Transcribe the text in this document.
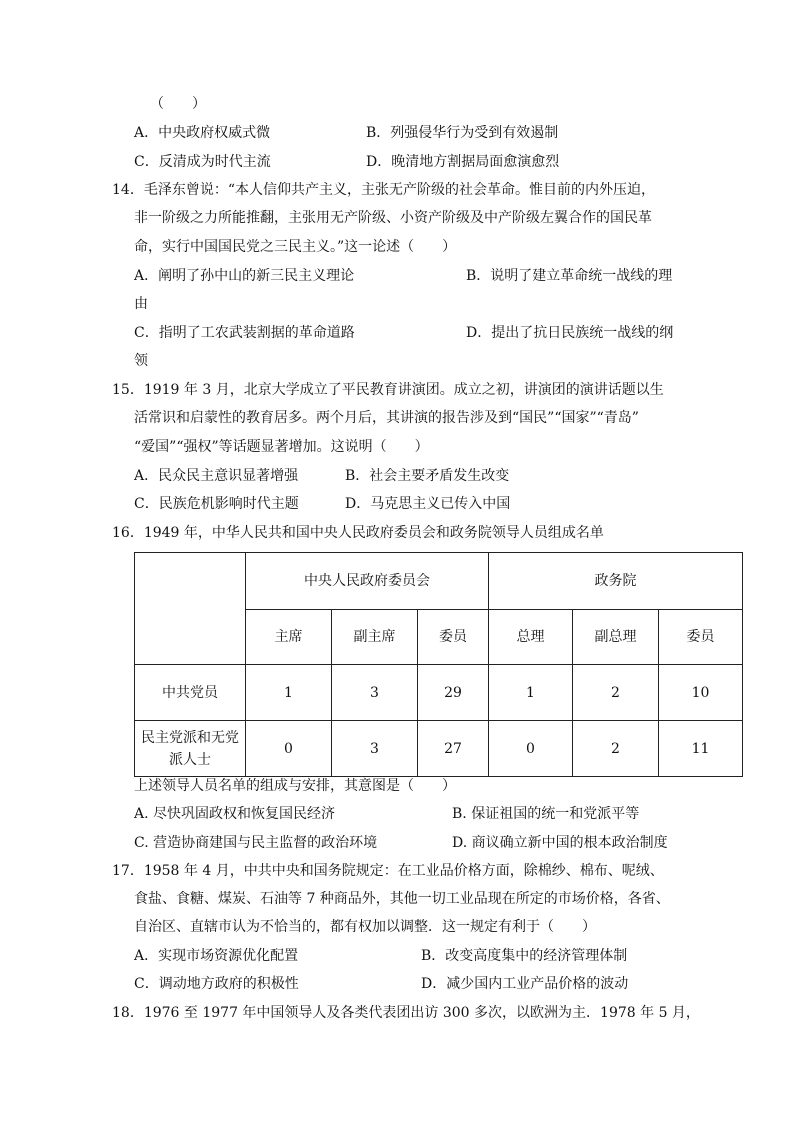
（　　）
A．中央政府权威式微	B．列强侵华行为受到有效遏制
C．反清成为时代主流	D．晚清地方割据局面愈演愈烈
14．毛泽东曾说：“本人信仰共产主义，主张无产阶级的社会革命。惟目前的内外压迫，
非一阶级之力所能推翻，主张用无产阶级、小资产阶级及中产阶级左翼合作的国民革
命，实行中国国民党之三民主义。”这一论述（　　）
A．阐明了孙中山的新三民主义理论	B．说明了建立革命统一战线的理
由
C．指明了工农武装割据的革命道路	D．提出了抗日民族统一战线的纲
领
15．1919 年 3 月，北京大学成立了平民教育讲演团。成立之初，讲演团的演讲话题以生
活常识和启蒙性的教育居多。两个月后，其讲演的报告涉及到“国民”“国家”“青岛”
“爱国”“强权”等话题显著增加。这说明（　　）
A．民众民主意识显著增强	B．社会主要矛盾发生改变
C．民族危机影响时代主题	D．马克思主义已传入中国
16．1949 年，中华人民共和国中央人民政府委员会和政务院领导人员组成名单
	中央人民政府委员会			政务院		
	主席	副主席	委员	总理	副总理	委员
中共党员	1	3	29	1	2	10
民主党派和无党派人士	0	3	27	0	2	11
上述领导人员名单的组成与安排，其意图是（　　）
A. 尽快巩固政权和恢复国民经济	B. 保证祖国的统一和党派平等
C. 营造协商建国与民主监督的政治环境	D. 商议确立新中国的根本政治制度
17．1958 年 4 月，中共中央和国务院规定：在工业品价格方面，除棉纱、棉布、呢绒、
食盐、食糖、煤炭、石油等 7 种商品外，其他一切工业品现在所定的市场价格，各省、
自治区、直辖市认为不恰当的，都有权加以调整．这一规定有利于（　　）
A．实现市场资源优化配置	B．改变高度集中的经济管理体制
C．调动地方政府的积极性	D．减少国内工业产品价格的波动
18．1976 至 1977 年中国领导人及各类代表团出访 300 多次，以欧洲为主．1978 年 5 月，
